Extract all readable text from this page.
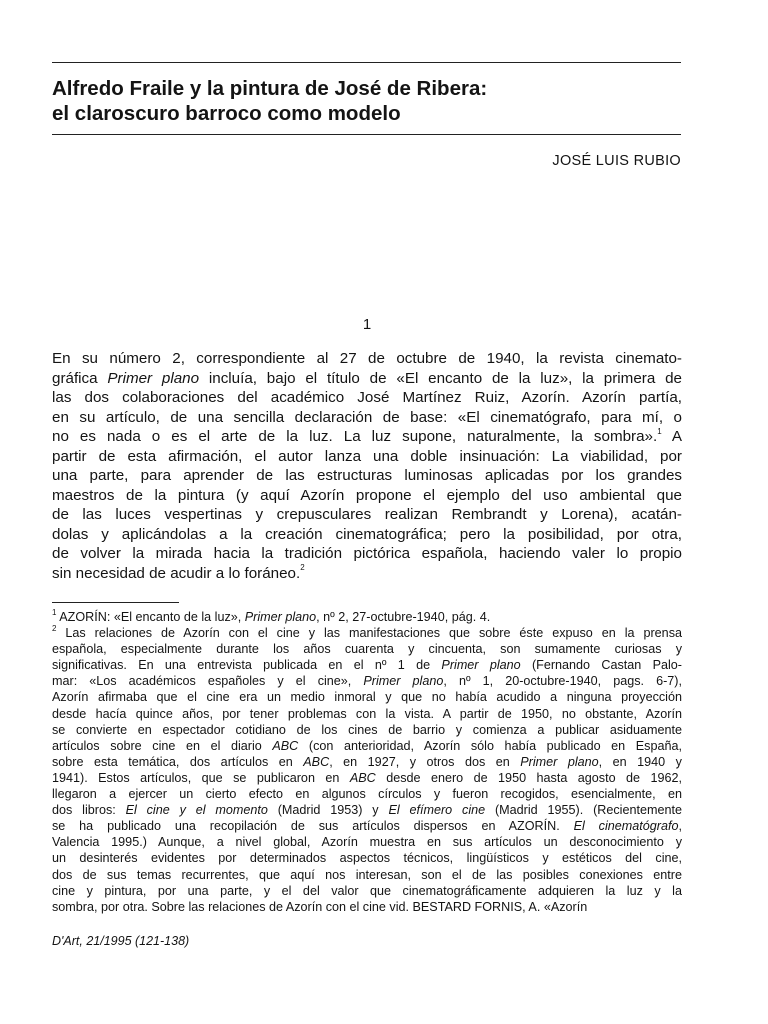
Alfredo Fraile y la pintura de José de Ribera:
el claroscuro barroco como modelo
JOSÉ LUIS RUBIO
1
En su número 2, correspondiente al 27 de octubre de 1940, la revista cinemato-
gráfica Primer plano incluía, bajo el título de «El encanto de la luz», la primera de
las dos colaboraciones del académico José Martínez Ruiz, Azorín. Azorín partía,
en su artículo, de una sencilla declaración de base: «El cinematógrafo, para mí, o
no es nada o es el arte de la luz. La luz supone, naturalmente, la sombra».$^1$ A
partir de esta afirmación, el autor lanza una doble insinuación: La viabilidad, por
una parte, para aprender de las estructuras luminosas aplicadas por los grandes
maestros de la pintura (y aquí Azorín propone el ejemplo del uso ambiental que
de las luces vespertinas y crepusculares realizan Rembrandt y Lorena), acatán-
dolas y aplicándolas a la creación cinematográfica; pero la posibilidad, por otra,
de volver la mirada hacia la tradición pictórica española, haciendo valer lo propio
sin necesidad de acudir a lo foráneo.$^2$
$^1$ AZORÍN: «El encanto de la luz», Primer plano, nº 2, 27-octubre-1940, pág. 4.
$^2$ Las relaciones de Azorín con el cine y las manifestaciones que sobre éste expuso en la prensa
española, especialmente durante los años cuarenta y cincuenta, son sumamente curiosas y
significativas. En una entrevista publicada en el nº 1 de Primer plano (Fernando Castan Palo-
mar: «Los académicos españoles y el cine», Primer plano, nº 1, 20-octubre-1940, pags. 6-7),
Azorín afirmaba que el cine era un medio inmoral y que no había acudido a ninguna proyección
desde hacía quince años, por tener problemas con la vista. A partir de 1950, no obstante, Azorín
se convierte en espectador cotidiano de los cines de barrio y comienza a publicar asiduamente
artículos sobre cine en el diario ABC (con anterioridad, Azorín sólo había publicado en España,
sobre esta temática, dos artículos en ABC, en 1927, y otros dos en Primer plano, en 1940 y
1941). Estos artículos, que se publicaron en ABC desde enero de 1950 hasta agosto de 1962,
llegaron a ejercer un cierto efecto en algunos círculos y fueron recogidos, esencialmente, en
dos libros: El cine y el momento (Madrid 1953) y El efímero cine (Madrid 1955). (Recientemente
se ha publicado una recopilación de sus artículos dispersos en AZORÍN. El cinematógrafo,
Valencia 1995.) Aunque, a nivel global, Azorín muestra en sus artículos un desconocimiento y
un desinterés evidentes por determinados aspectos técnicos, lingüísticos y estéticos del cine,
dos de sus temas recurrentes, que aquí nos interesan, son el de las posibles conexiones entre
cine y pintura, por una parte, y el del valor que cinematográficamente adquieren la luz y la
sombra, por otra. Sobre las relaciones de Azorín con el cine vid. BESTARD FORNIS, A. «Azorín
D'Art, 21/1995 (121-138)
